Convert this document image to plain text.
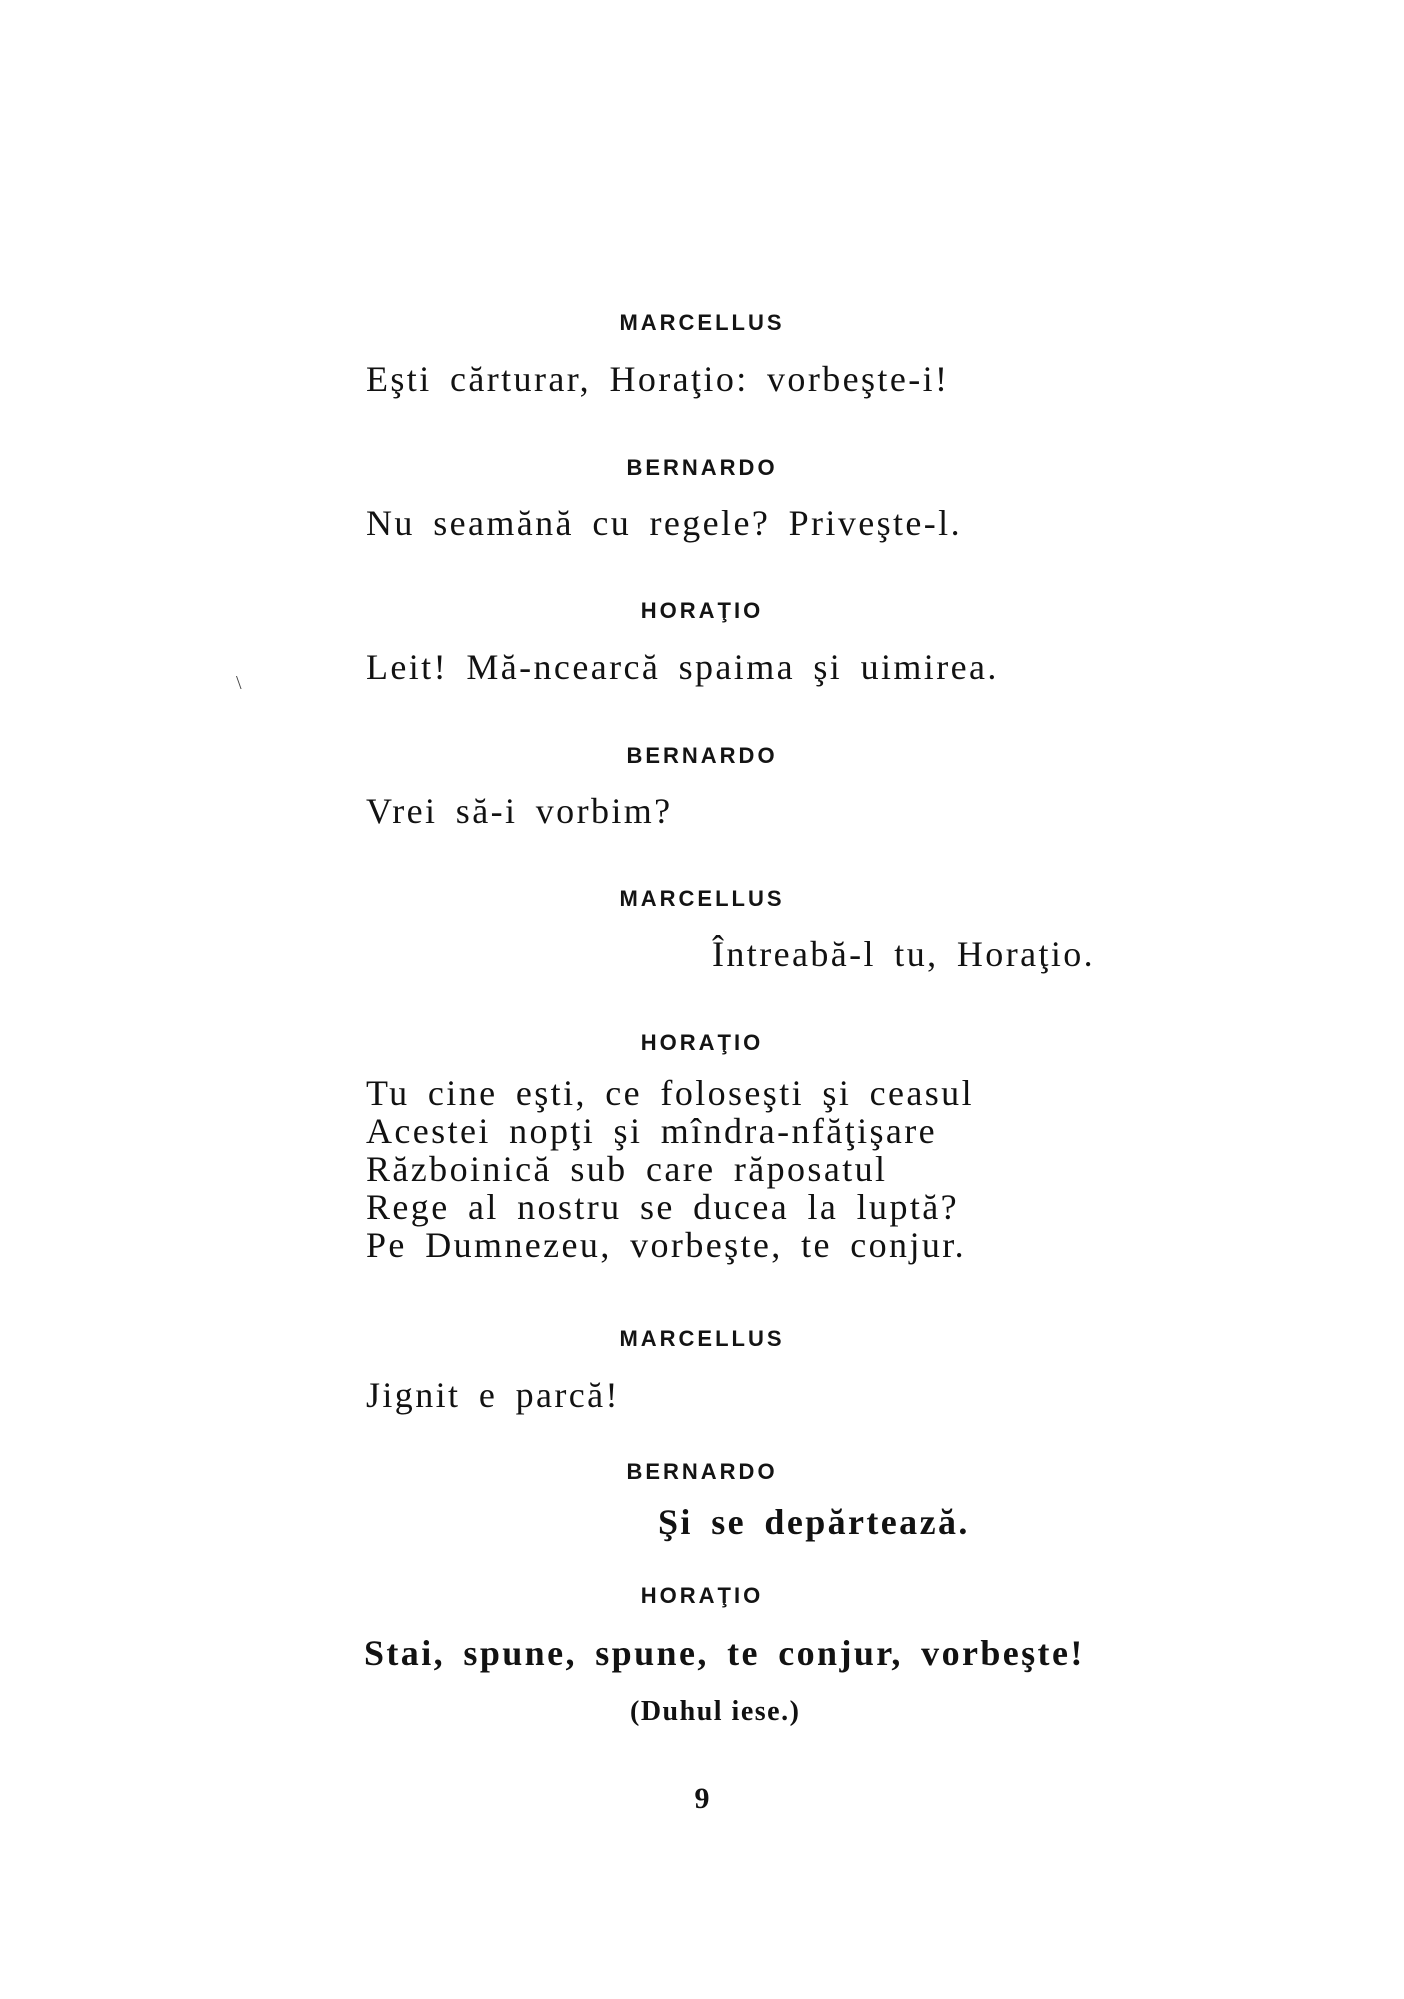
MARCELLUS
Eşti cărturar, Horaţio: vorbeşte-i!
BERNARDO
Nu seamănă cu regele? Priveşte-l.
HORAŢIO
Leit! Mă-ncearcă spaima şi uimirea.
\
BERNARDO
Vrei să-i vorbim?
MARCELLUS
Întreabă-l tu, Horaţio.
HORAŢIO
Tu cine eşti, ce foloseşti şi ceasul
Acestei nopţi şi mîndra-nfăţişare
Războinică sub care răposatul
Rege al nostru se ducea la luptă?
Pe Dumnezeu, vorbeşte, te conjur.
MARCELLUS
Jignit e parcă!
BERNARDO
Şi se depărtează.
HORAŢIO
Stai, spune, spune, te conjur, vorbeşte!
(Duhul iese.)
9
